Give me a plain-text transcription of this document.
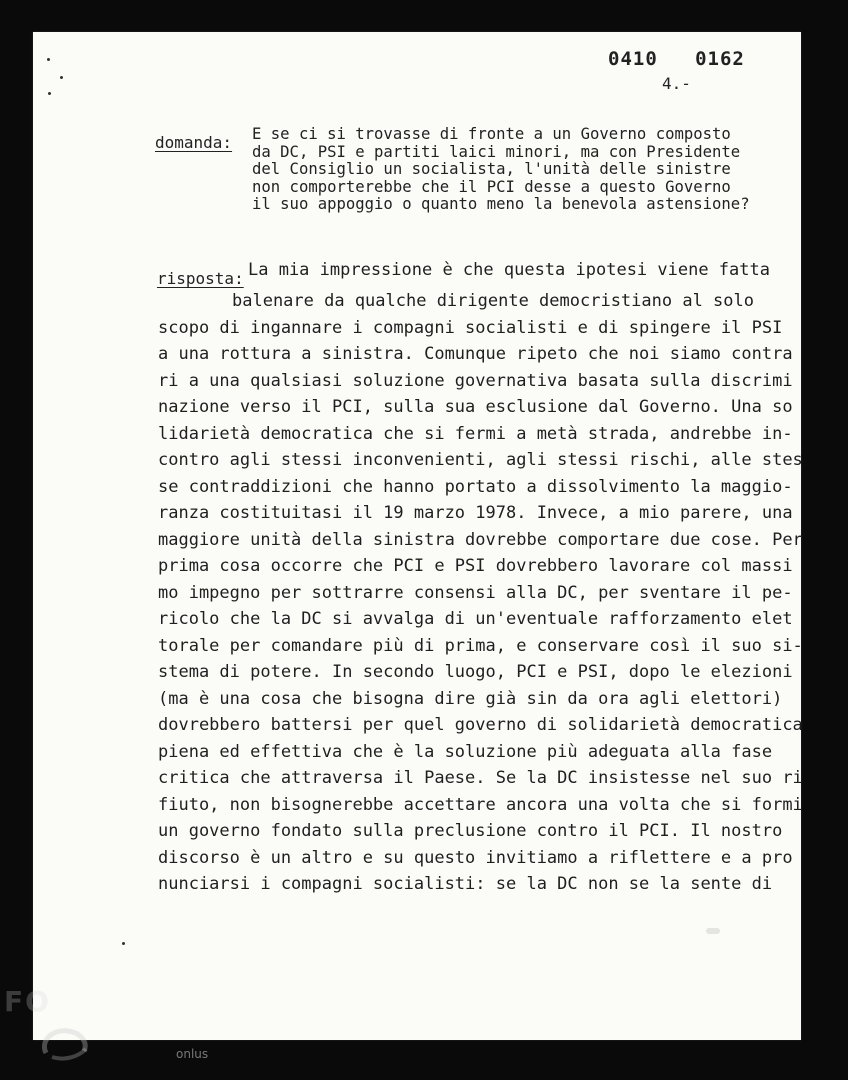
0410   0162
4.-
domanda: E se ci si trovasse di fronte a un Governo composto
da DC, PSI e partiti laici minori, ma con Presidente
del Consiglio un socialista, l'unità delle sinistre
non comporterebbe che il PCI desse a questo Governo
il suo appoggio o quanto meno la benevola astensione?
risposta: La mia impressione è che questa ipotesi viene fatta
balenare da qualche dirigente democristiano al solo
scopo di ingannare i compagni socialisti e di spingere il PSI
a una rottura a sinistra. Comunque ripeto che noi siamo contra
ri a una qualsiasi soluzione governativa basata sulla discrimi
nazione verso il PCI, sulla sua esclusione dal Governo. Una so
lidarietà democratica che si fermi a metà strada, andrebbe in-
contro agli stessi inconvenienti, agli stessi rischi, alle stes
se contraddizioni che hanno portato a dissolvimento la maggio-
ranza costituitasi il 19 marzo 1978. Invece, a mio parere, una
maggiore unità della sinistra dovrebbe comportare due cose. Per
prima cosa occorre che PCI e PSI dovrebbero lavorare col massi
mo impegno per sottrarre consensi alla DC, per sventare il pe-
ricolo che la DC si avvalga di un'eventuale rafforzamento elet
torale per comandare più di prima, e conservare così il suo si-
stema di potere. In secondo luogo, PCI e PSI, dopo le elezioni
(ma è una cosa che bisogna dire già sin da ora agli elettori)
dovrebbero battersi per quel governo di solidarietà democratica
piena ed effettiva che è la soluzione più adeguata alla fase
critica che attraversa il Paese. Se la DC insistesse nel suo ri
fiuto, non bisognerebbe accettare ancora una volta che si formi
un governo fondato sulla preclusione contro il PCI. Il nostro
discorso è un altro e su questo invitiamo a riflettere e a pro
nunciarsi i compagni socialisti: se la DC non se la sente di
FO
onlus
